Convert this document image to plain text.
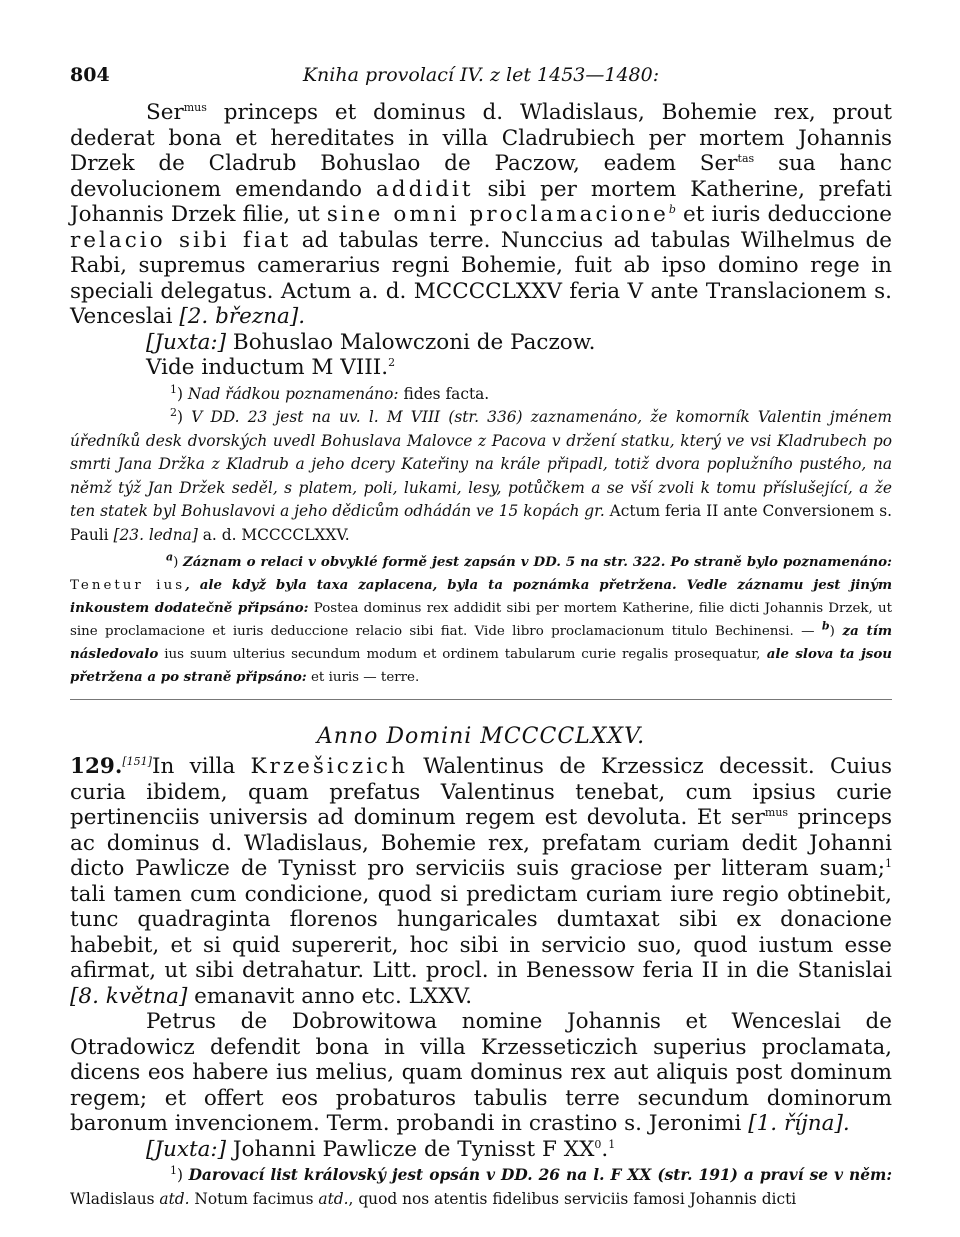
804	Kniha provolací IV. z let 1453—1480:

Ser$^{mus}$ princeps et dominus d. Wladislaus, Bohemie rex, prout dederat bona et hereditates in villa Cladrubiech per mortem Johannis Drzek de Cladrub Bohuslao de Paczow, eadem Ser$^{tas}$ sua hanc devolucionem emendando addidit sibi per mortem Katherine, prefati Johannis Drzek filie, ut sine omni proclamacione$^b$ et iuris deduccione relacio sibi fiat ad tabulas terre. Nunccius ad tabulas Wilhelmus de Rabi, supremus camerarius regni Bohemie, fuit ab ipso domino rege in speciali delegatus. Actum a. d. MCCCCLXXV feria V ante Translacionem s. Venceslai [2. března].

[Juxta:] Bohuslao Malowczoni de Paczow.

Vide inductum M VIII.$^2$

$^1$) Nad řádkou poznamenáno: fides facta.

$^2$) V DD. 23 jest na uv. l. M VIII (str. 336) zaznamenáno, že komorník Valentin jménem úředníků desk dvorských uvedl Bohuslava Malovce z Pacova v držení statku, který ve vsi Kladrubech po smrti Jana Držka z Kladrub a jeho dcery Kateřiny na krále připadl, totiž dvora poplužního pustého, na němž týž Jan Držek seděl, s platem, poli, lukami, lesy, potůčkem a se vší zvoli k tomu příslušející, a že ten statek byl Bohuslavovi a jeho dědicům odhádán ve 15 kopách gr. Actum feria II ante Conversionem s. Pauli [23. ledna] a. d. MCCCCLXXV.

$^a$) Záznam o relaci v obvyklé formě jest zapsán v DD. 5 na str. 322. Po straně bylo poznamenáno: Tenetur ius, ale když byla taxa zaplacena, byla ta poznámka přetržena. Vedle záznamu jest jiným inkoustem dodatečně připsáno: Postea dominus rex addidit sibi per mortem Katherine, filie dicti Johannis Drzek, ut sine proclamacione et iuris deduccione relacio sibi fiat. Vide libro proclamacionum titulo Bechinensi. — $^b$) za tím následovalo ius suum ulterius secundum modum et ordinem tabularum curie regalis prosequatur, ale slova ta jsou přetržena a po straně připsáno: et iuris — terre.

Anno Domini MCCCCLXXV.

129.[151]In villa Krzešiczich Walentinus de Krzessicz decessit. Cuius curia ibidem, quam prefatus Valentinus tenebat, cum ipsius curie pertinenciis universis ad dominum regem est devoluta. Et ser$^{mus}$ princeps ac dominus d. Wladislaus, Bohemie rex, prefatam curiam dedit Johanni dicto Pawlicze de Tynisst pro serviciis suis graciose per litteram suam;$^1$ tali tamen cum condicione, quod si predictam curiam iure regio obtinebit, tunc quadraginta florenos hungaricales dumtaxat sibi ex donacione habebit, et si quid supererit, hoc sibi in servicio suo, quod iustum esse afirmat, ut sibi detrahatur. Litt. procl. in Benessow feria II in die Stanislai [8. května] emanavit anno etc. LXXV.

Petrus de Dobrowitowa nomine Johannis et Wenceslai de Otradowicz defendit bona in villa Krzesseticzich superius proclamata, dicens eos habere ius melius, quam dominus rex aut aliquis post dominum regem; et offert eos probaturos tabulis terre secundum dominorum baronum invencionem. Term. probandi in crastino s. Jeronimi [1. října].

[Juxta:] Johanni Pawlicze de Tynisst F $XX^0.^1$

$^1$) Darovací list královský jest opsán v DD. 26 na l. F XX (str. 191) a praví se v něm: Wladislaus atd. Notum facimus atd., quod nos atentis fidelibus serviciis famosi Johannis dicti
